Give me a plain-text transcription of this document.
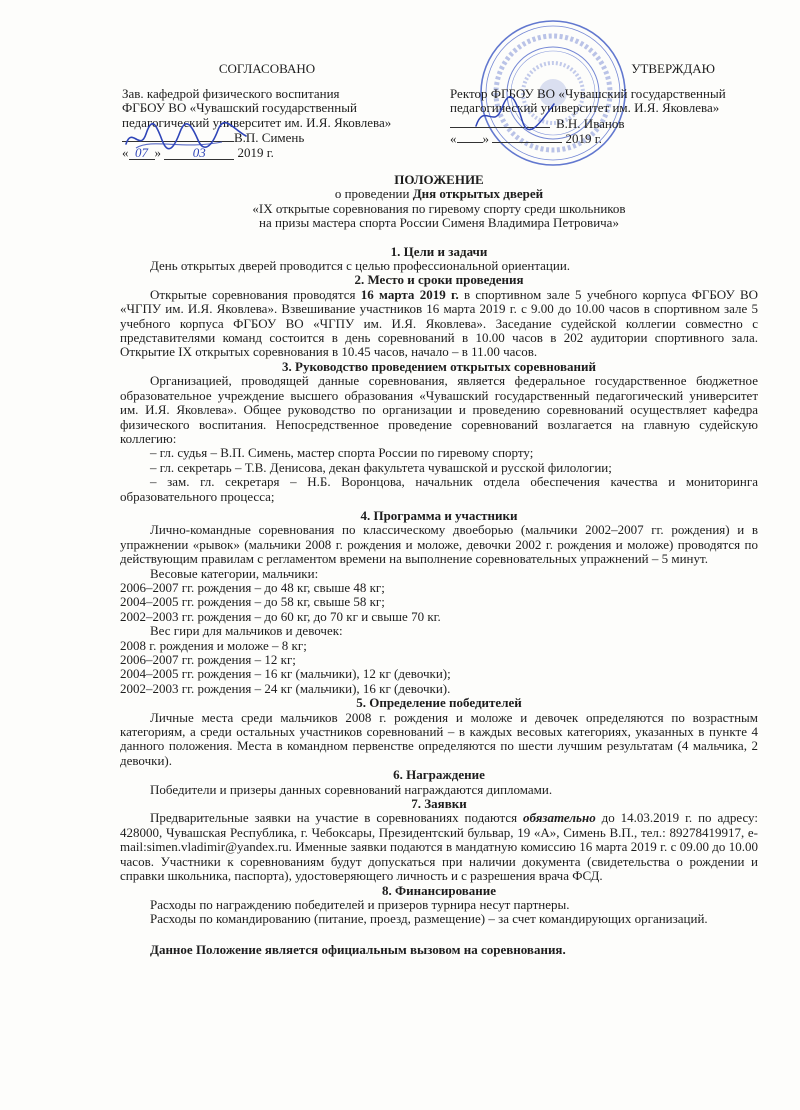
СОГЛАСОВАНО
Зав. кафедрой физического воспитания
ФГБОУ ВО «Чувашский государственный
педагогический университет им. И.Я. Яковлева»
В.П. Симень
« 07 » 03 2019 г.
УТВЕРЖДАЮ
Ректор ФГБОУ ВО «Чувашский государственный
педагогический университет им. И.Я. Яковлева»
В.Н. Иванов
« »	2019 г.
ПОЛОЖЕНИЕ
о проведении Дня открытых дверей
«IX открытые соревнования по гиревому спорту среди школьников
на призы мастера спорта России Сименя Владимира Петровича»
1. Цели и задачи

День открытых дверей проводится с целью профессиональной ориентации.

2. Место и сроки проведения

Открытые соревнования проводятся 16 марта 2019 г. в спортивном зале 5 учебного корпуса ФГБОУ ВО «ЧГПУ им. И.Я. Яковлева». Взвешивание участников 16 марта 2019 г. с 9.00 до 10.00 часов в спортивном зале 5 учебного корпуса ФГБОУ ВО «ЧГПУ им. И.Я. Яковлева». Заседание судейской коллегии совместно с представителями команд состоится в день соревнований в 10.00 часов в 202 аудитории спортивного зала. Открытие IX открытых соревнования в 10.45 часов, начало – в 11.00 часов.

3. Руководство проведением открытых соревнований

Организацией, проводящей данные соревнования, является федеральное государственное бюджетное образовательное учреждение высшего образования «Чувашский государственный педагогический университет им. И.Я. Яковлева». Общее руководство по организации и проведению соревнований осуществляет кафедра физического воспитания. Непосредственное проведение соревнований возлагается на главную судейскую коллегию:

– гл. судья – В.П. Симень, мастер спорта России по гиревому спорту;

– гл. секретарь – Т.В. Денисова, декан факультета чувашской и русской филологии;

– зам. гл. секретаря – Н.Б. Воронцова, начальник отдела обеспечения качества и мониторинга образовательного процесса;

4. Программа и участники

Лично-командные соревнования по классическому двоеборью (мальчики 2002–2007 гг. рождения) и в упражнении «рывок» (мальчики 2008 г. рождения и моложе, девочки 2002 г. рождения и моложе) проводятся по действующим правилам с регламентом времени на выполнение соревновательных упражнений – 5 минут.

Весовые категории, мальчики:

2006–2007 гг. рождения – до 48 кг, свыше 48 кг;

2004–2005 гг. рождения – до 58 кг, свыше 58 кг;

2002–2003 гг. рождения – до 60 кг, до 70 кг и свыше 70 кг.

Вес гири для мальчиков и девочек:

2008 г. рождения и моложе – 8 кг;

2006–2007 гг. рождения – 12 кг;

2004–2005 гг. рождения – 16 кг (мальчики), 12 кг (девочки);

2002–2003 гг. рождения – 24 кг (мальчики), 16 кг (девочки).

5. Определение победителей

Личные места среди мальчиков 2008 г. рождения и моложе и девочек определяются по возрастным категориям, а среди остальных участников соревнований – в каждых весовых категориях, указанных в пункте 4 данного положения. Места в командном первенстве определяются по шести лучшим результатам (4 мальчика, 2 девочки).

6. Награждение

Победители и призеры данных соревнований награждаются дипломами.

7. Заявки

Предварительные заявки на участие в соревнованиях подаются обязательно до 14.03.2019 г. по адресу: 428000, Чувашская Республика, г. Чебоксары, Президентский бульвар, 19 «А», Симень В.П., тел.: 89278419917, e-mail:simen.vladimir@yandex.ru. Именные заявки подаются в мандатную комиссию 16 марта 2019 г. с 09.00 до 10.00 часов. Участники к соревнованиям будут допускаться при наличии документа (свидетельства о рождении и справки школьника, паспорта), удостоверяющего личность и с разрешения врача ФСД.

8. Финансирование

Расходы по награждению победителей и призеров турнира несут партнеры.

Расходы по командированию (питание, проезд, размещение) – за счет командирующих организаций.

Данное Положение является официальным вызовом на соревнования.
